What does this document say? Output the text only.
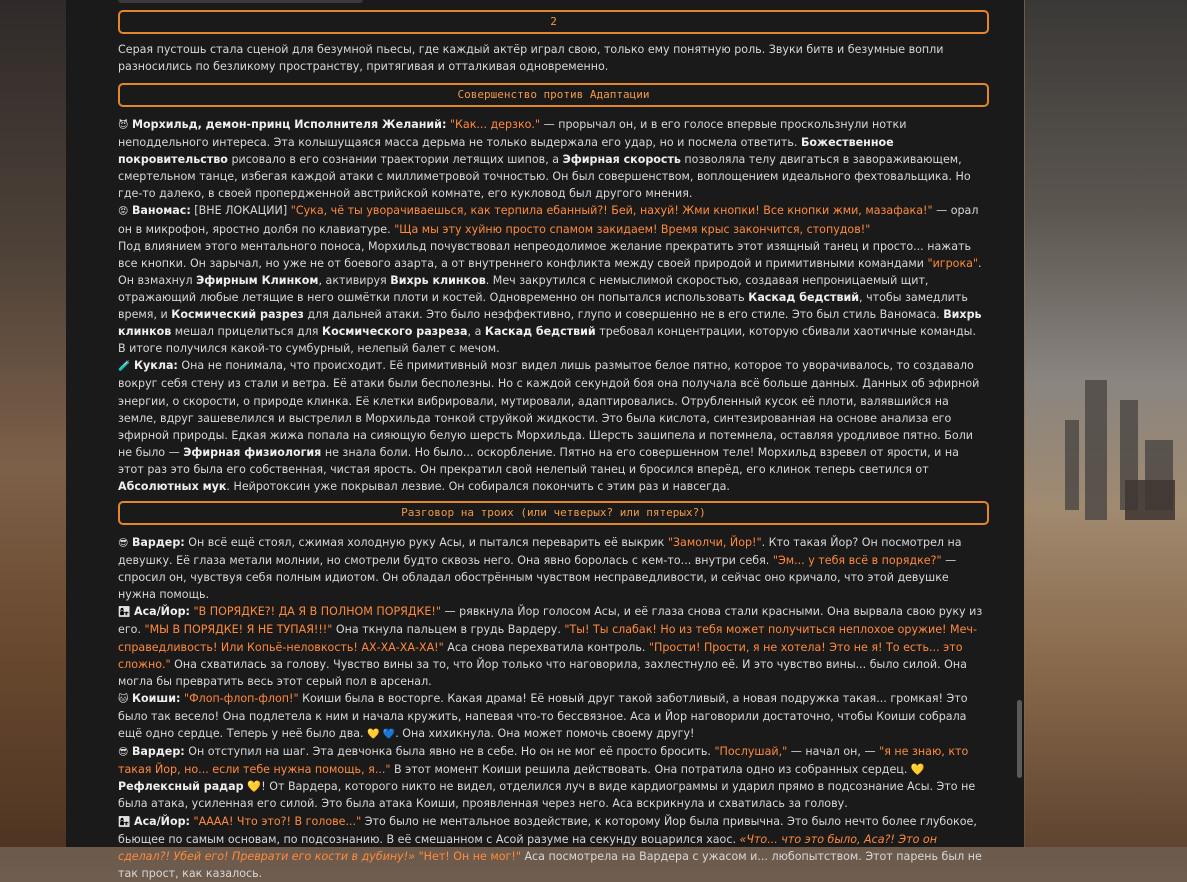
2

Серая пустошь стала сценой для безумной пьесы, где каждый актёр играл свою, только ему понятную роль. Звуки битв и безумные вопли разносились по безликому пространству, притягивая и отталкивая одновременно.

Совершенство против Адаптации

😈 Морхильд, демон-принц Исполнителя Желаний: "Как... дерзко." — прорычал он, и в его голосе впервые проскользнули нотки неподдельного интереса. Эта колышущаяся масса дерьма не только выдержала его удар, но и посмела ответить. Божественное покровительство рисовало в его сознании траектории летящих шипов, а Эфирная скорость позволяла телу двигаться в завораживающем, смертельном танце, избегая каждой атаки с миллиметровой точностью. Он был совершенством, воплощением идеального фехтовальщика. Но где-то далеко, в своей пропердженной австрийской комнате, его кукловод был другого мнения.

😡 Ваномас: [ВНЕ ЛОКАЦИИ] "Сука, чё ты уворачиваешься, как терпила ебанный?! Бей, нахуй! Жми кнопки! Все кнопки жми, мазафака!" — орал он в микрофон, яростно долбя по клавиатуре. "Ща мы эту хуйню просто спамом закидаем! Время крыс закончится, стопудов!"

Под влиянием этого ментального поноса, Морхильд почувствовал непреодолимое желание прекратить этот изящный танец и просто... нажать все кнопки. Он зарычал, но уже не от боевого азарта, а от внутреннего конфликта между своей природой и примитивными командами "игрока". Он взмахнул Эфирным Клинком, активируя Вихрь клинков. Меч закрутился с немыслимой скоростью, создавая непроницаемый щит, отражающий любые летящие в него ошмётки плоти и костей. Одновременно он попытался использовать Каскад бедствий, чтобы замедлить время, и Космический разрез для дальней атаки. Это было неэффективно, глупо и совершенно не в его стиле. Это был стиль Ваномаса. Вихрь клинков мешал прицелиться для Космического разреза, а Каскад бедствий требовал концентрации, которую сбивали хаотичные команды. В итоге получился какой-то сумбурный, нелепый балет с мечом.

🧪 Кукла: Она не понимала, что происходит. Её примитивный мозг видел лишь размытое белое пятно, которое то уворачивалось, то создавало вокруг себя стену из стали и ветра. Её атаки были бесполезны. Но с каждой секундой боя она получала всё больше данных. Данных об эфирной энергии, о скорости, о природе клинка. Её клетки вибрировали, мутировали, адаптировались. Отрубленный кусок её плоти, валявшийся на земле, вдруг зашевелился и выстрелил в Морхильда тонкой струйкой жидкости. Это была кислота, синтезированная на основе анализа его эфирной природы. Едкая жижа попала на сияющую белую шерсть Морхильда. Шерсть зашипела и потемнела, оставляя уродливое пятно. Боли не было — Эфирная физиология не знала боли. Но было... оскорбление. Пятно на его совершенном теле! Морхильд взревел от ярости, и на этот раз это была его собственная, чистая ярость. Он прекратил свой нелепый танец и бросился вперёд, его клинок теперь светился от Абсолютных мук. Нейротоксин уже покрывал лезвие. Он собирался покончить с этим раз и навсегда.

Разговор на троих (или четверых? или пятерых?)

😎 Вардер: Он всё ещё стоял, сжимая холодную руку Асы, и пытался переварить её выкрик "Замолчи, Йор!". Кто такая Йор? Он посмотрел на девушку. Её глаза метали молнии, но смотрели будто сквозь него. Она явно боролась с кем-то... внутри себя. "Эм... у тебя всё в порядке?" — спросил он, чувствуя себя полным идиотом. Он обладал обострённым чувством несправедливости, и сейчас оно кричало, что этой девушке нужна помощь.

👩‍👧 Аса/Йор: "В ПОРЯДКЕ?! ДА Я В ПОЛНОМ ПОРЯДКЕ!" — рявкнула Йор голосом Асы, и её глаза снова стали красными. Она вырвала свою руку из его. "МЫ В ПОРЯДКЕ! Я НЕ ТУПАЯ!!!" Она ткнула пальцем в грудь Вардеру. "Ты! Ты слабак! Но из тебя может получиться неплохое оружие! Меч-справедливость! Или Копьё-неловкость! АХ-ХА-ХА-ХА!" Аса снова перехватила контроль. "Прости! Прости, я не хотела! Это не я! То есть... это сложно." Она схватилась за голову. Чувство вины за то, что Йор только что наговорила, захлестнуло её. И это чувство вины... было силой. Она могла бы превратить весь этот серый пол в арсенал.

🐱 Коиши: "Флоп-флоп-флоп!" Коиши была в восторге. Какая драма! Её новый друг такой заботливый, а новая подружка такая... громкая! Это было так весело! Она подлетела к ним и начала кружить, напевая что-то бессвязное. Аса и Йор наговорили достаточно, чтобы Коиши собрала ещё одно сердце. Теперь у неё было два. 💛 💙. Она хихикнула. Она может помочь своему другу!

😎 Вардер: Он отступил на шаг. Эта девчонка была явно не в себе. Но он не мог её просто бросить. "Послушай," — начал он, — "я не знаю, кто такая Йор, но... если тебе нужна помощь, я..." В этот момент Коиши решила действовать. Она потратила одно из собранных сердец. 💛 Рефлексный радар 💛! От Вардера, которого никто не видел, отделился луч в виде кардиограммы и ударил прямо в подсознание Асы. Это не была атака, усиленная его силой. Это была атака Коиши, проявленная через него. Аса вскрикнула и схватилась за голову.

👩‍👧 Аса/Йор: "АААА! Что это?! В голове..." Это было не ментальное воздействие, к которому Йор была привычна. Это было нечто более глубокое, бьющее по самым основам, по подсознанию. В её смешанном с Асой разуме на секунду воцарился хаос. «Что... что это было, Аса?! Это он сделал?! Убей его! Преврати его кости в дубину!» "Нет! Он не мог!" Аса посмотрела на Вардера с ужасом и... любопытством. Этот парень был не так прост, как казалось.
